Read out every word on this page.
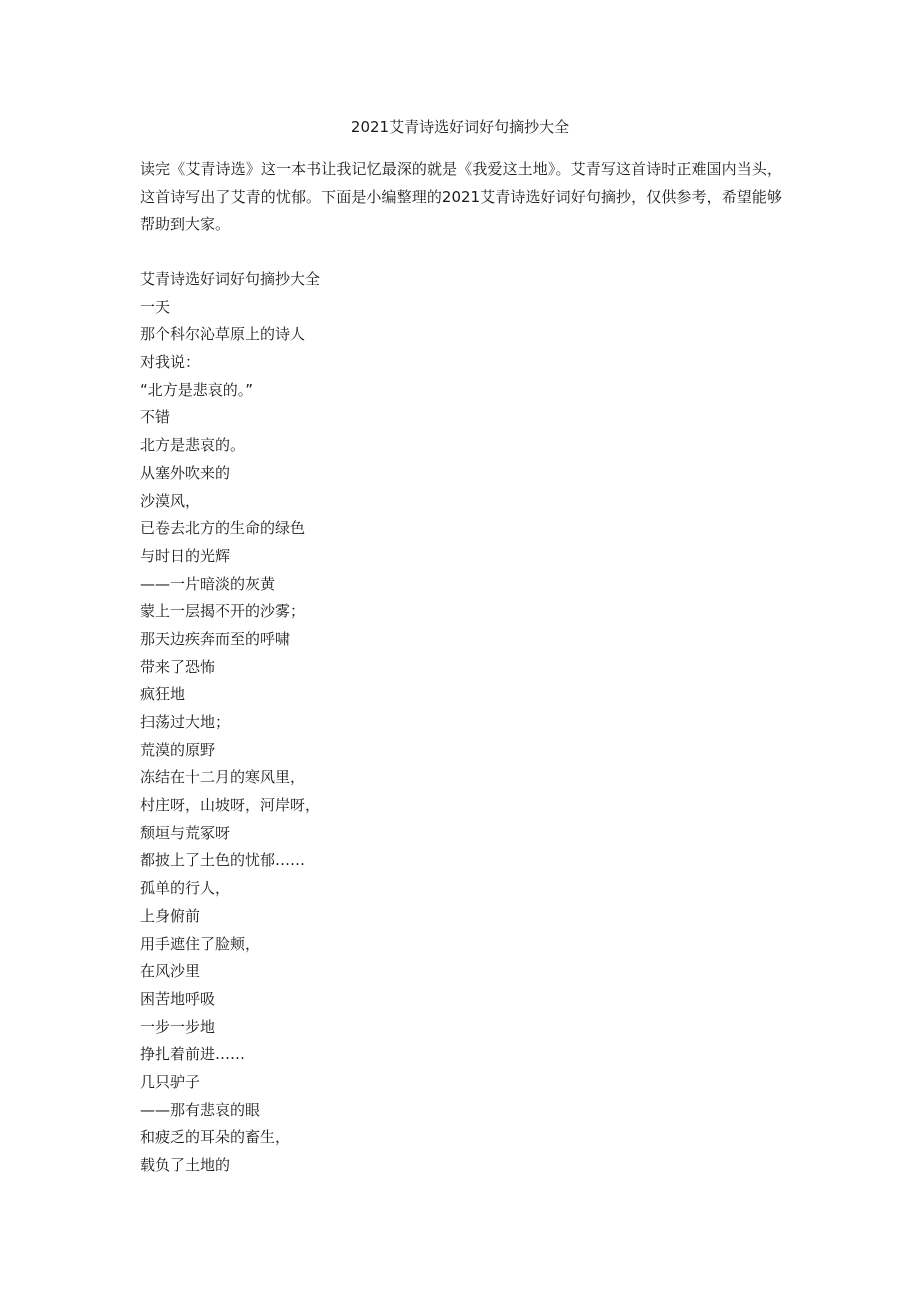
2021艾青诗选好词好句摘抄大全

读完《艾青诗选》这一本书让我记忆最深的就是《我爱这土地》。艾青写这首诗时正难国内当头，这首诗写出了艾青的忧郁。下面是小编整理的2021艾青诗选好词好句摘抄，仅供参考，希望能够帮助到大家。

艾青诗选好词好句摘抄大全
一天
那个科尔沁草原上的诗人
对我说：
“北方是悲哀的。”
不错
北方是悲哀的。
从塞外吹来的
沙漠风，
已卷去北方的生命的绿色
与时日的光辉
——一片暗淡的灰黄
蒙上一层揭不开的沙雾；
那天边疾奔而至的呼啸
带来了恐怖
疯狂地
扫荡过大地；
荒漠的原野
冻结在十二月的寒风里，
村庄呀，山坡呀，河岸呀，
颓垣与荒冢呀
都披上了土色的忧郁……
孤单的行人，
上身俯前
用手遮住了脸颊，
在风沙里
困苦地呼吸
一步一步地
挣扎着前进……
几只驴子
——那有悲哀的眼
和疲乏的耳朵的畜生，
载负了土地的
